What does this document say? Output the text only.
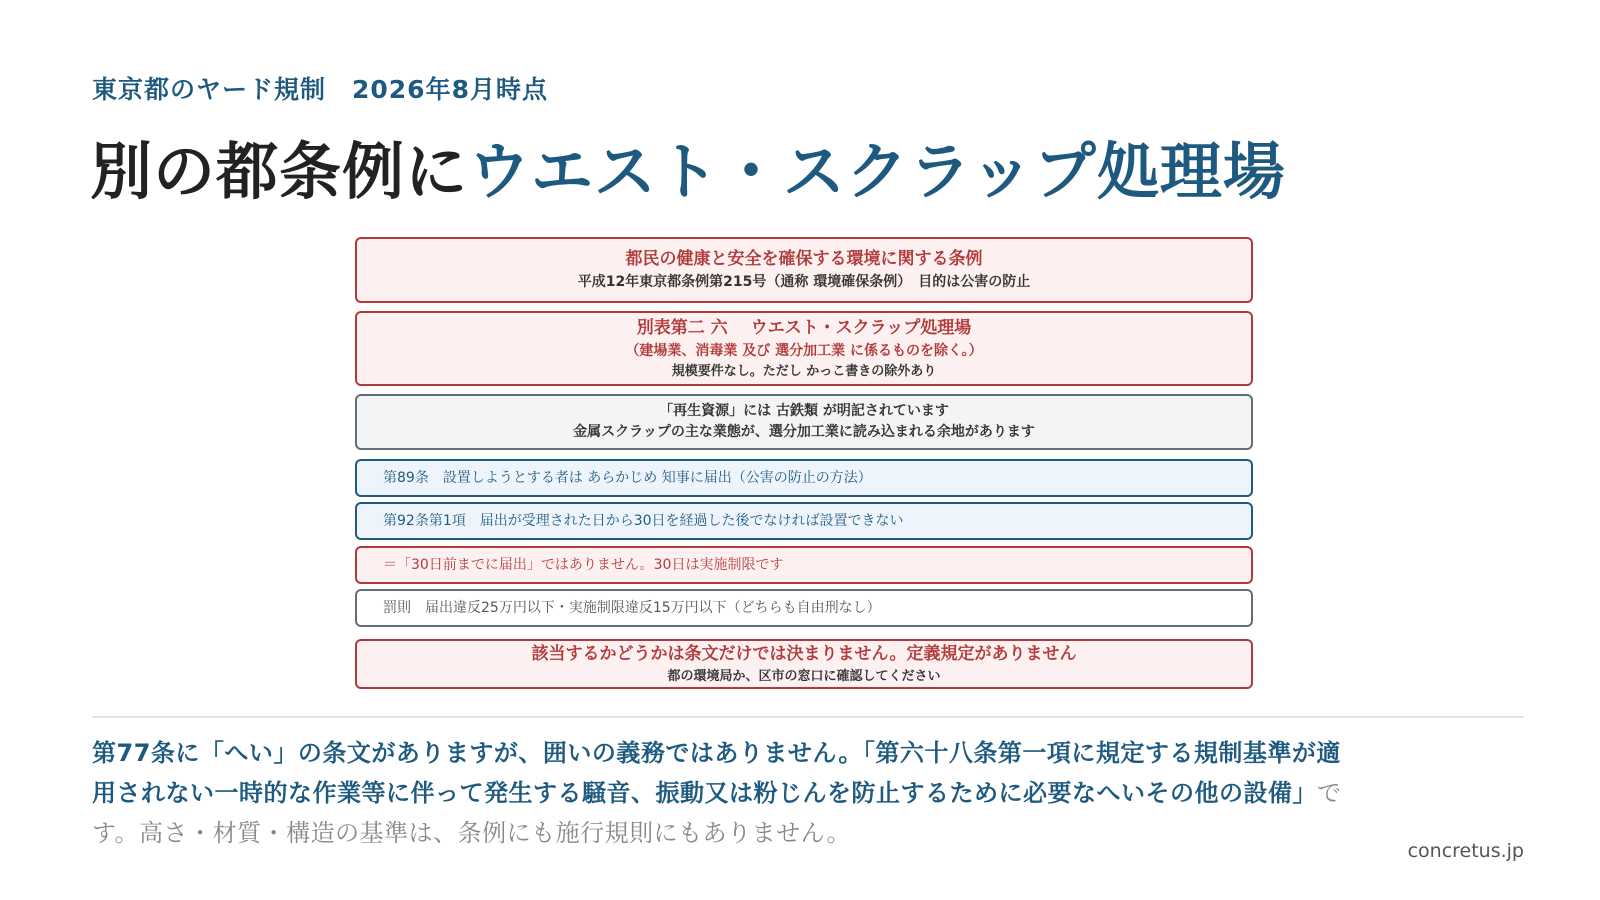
東京都のヤード規制　2026年8月時点
別の都条例にウエスト・スクラップ処理場
都民の健康と安全を確保する環境に関する条例
平成12年東京都条例第215号（通称 環境確保条例）　目的は公害の防止
別表第二 六　 ウエスト・スクラップ処理場
（建場業、消毒業 及び 選分加工業 に係るものを除く。）
規模要件なし。ただし かっこ書きの除外あり
「再生資源」には 古鉄類 が明記されています
金属スクラップの主な業態が、選分加工業に読み込まれる余地があります
第89条　設置しようとする者は あらかじめ 知事に届出（公害の防止の方法）
第92条第1項　届出が受理された日から30日を経過した後でなければ設置できない
＝「30日前までに届出」ではありません。30日は実施制限です
罰則　届出違反25万円以下・実施制限違反15万円以下（どちらも自由刑なし）
該当するかどうかは条文だけでは決まりません。定義規定がありません
都の環境局か、区市の窓口に確認してください
第77条に「へい」の条文がありますが、囲いの義務ではありません。「第六十八条第一項に規定する規制基準が適用されない一時的な作業等に伴って発生する騒音、振動又は粉じんを防止するために必要なへいその他の設備」です。高さ・材質・構造の基準は、条例にも施行規則にもありません。
concretus.jp
